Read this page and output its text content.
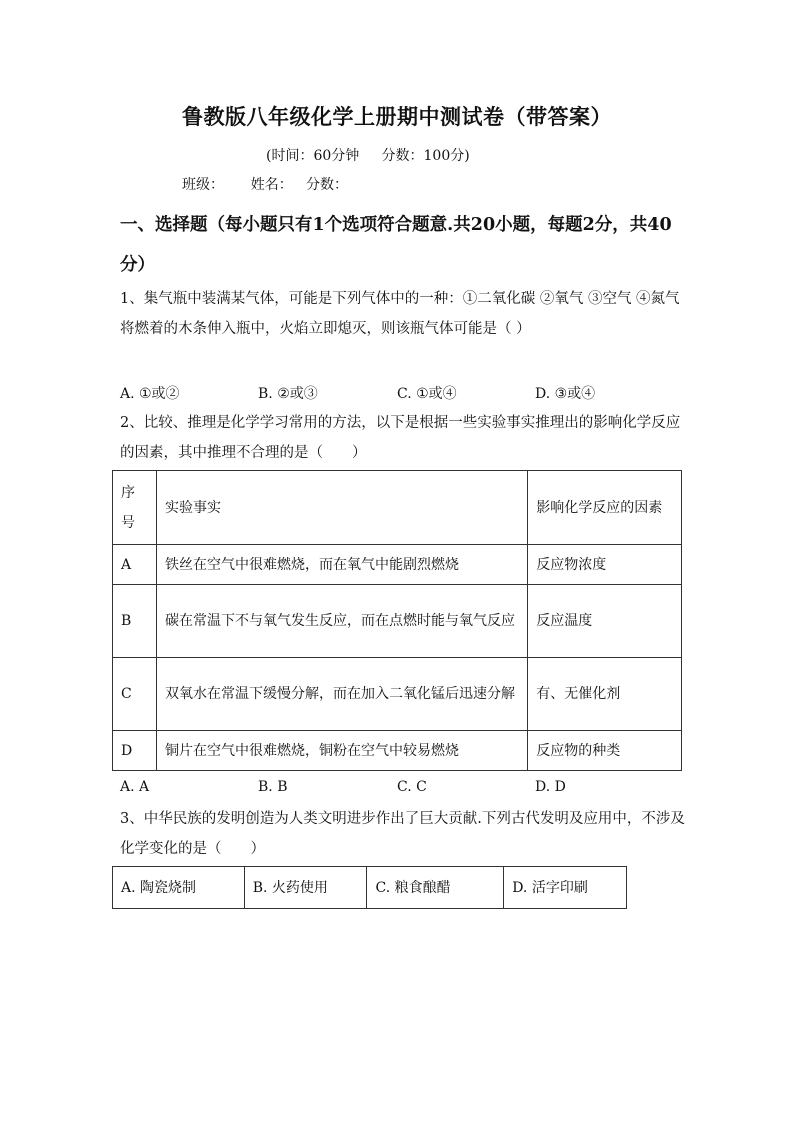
鲁教版八年级化学上册期中测试卷（带答案）
(时间：60分钟     分数：100分)
班级：      姓名：   分数：
一、选择题（每小题只有1个选项符合题意.共20小题，每题2分，共40分）
1、集气瓶中装满某气体，可能是下列气体中的一种：①二氧化碳 ②氧气 ③空气 ④氮气将燃着的木条伸入瓶中，火焰立即熄灭，则该瓶气体可能是（ ）
A. ①或②	B. ②或③	C. ①或④	D. ③或④
2、比较、推理是化学学习常用的方法，以下是根据一些实验事实推理出的影响化学反应的因素，其中推理不合理的是（　　）
序号	实验事实	影响化学反应的因素
A	铁丝在空气中很难燃烧，而在氧气中能剧烈燃烧	反应物浓度
B	碳在常温下不与氧气发生反应，而在点燃时能与氧气反应	反应温度
C	双氧水在常温下缓慢分解，而在加入二氧化锰后迅速分解	有、无催化剂
D	铜片在空气中很难燃烧，铜粉在空气中较易燃烧	反应物的种类
A. A	B. B	C. C	D. D
3、中华民族的发明创造为人类文明进步作出了巨大贡献.下列古代发明及应用中，不涉及化学变化的是（　　）
A. 陶瓷烧制	B. 火药使用	C. 粮食酿醋	D. 活字印刷
